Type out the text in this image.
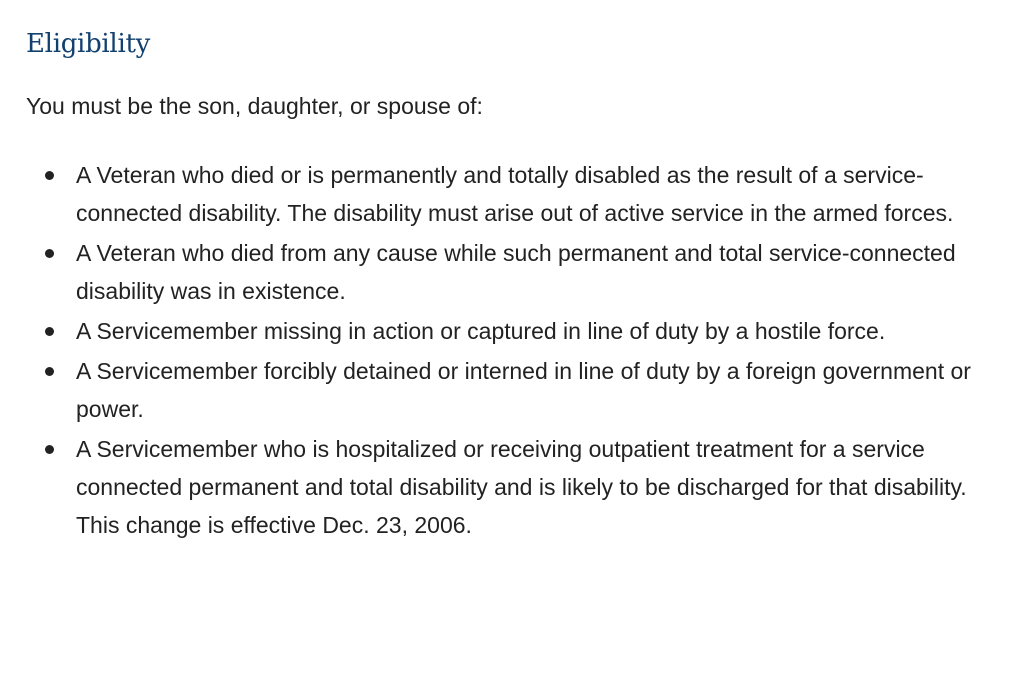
Eligibility

You must be the son, daughter, or spouse of:

A Veteran who died or is permanently and totally disabled as the result of a service-connected disability. The disability must arise out of active service in the armed forces.
A Veteran who died from any cause while such permanent and total service-connected disability was in existence.
A Servicemember missing in action or captured in line of duty by a hostile force.
A Servicemember forcibly detained or interned in line of duty by a foreign government or power.
A Servicemember who is hospitalized or receiving outpatient treatment for a service connected permanent and total disability and is likely to be discharged for that disability. This change is effective Dec. 23, 2006.
